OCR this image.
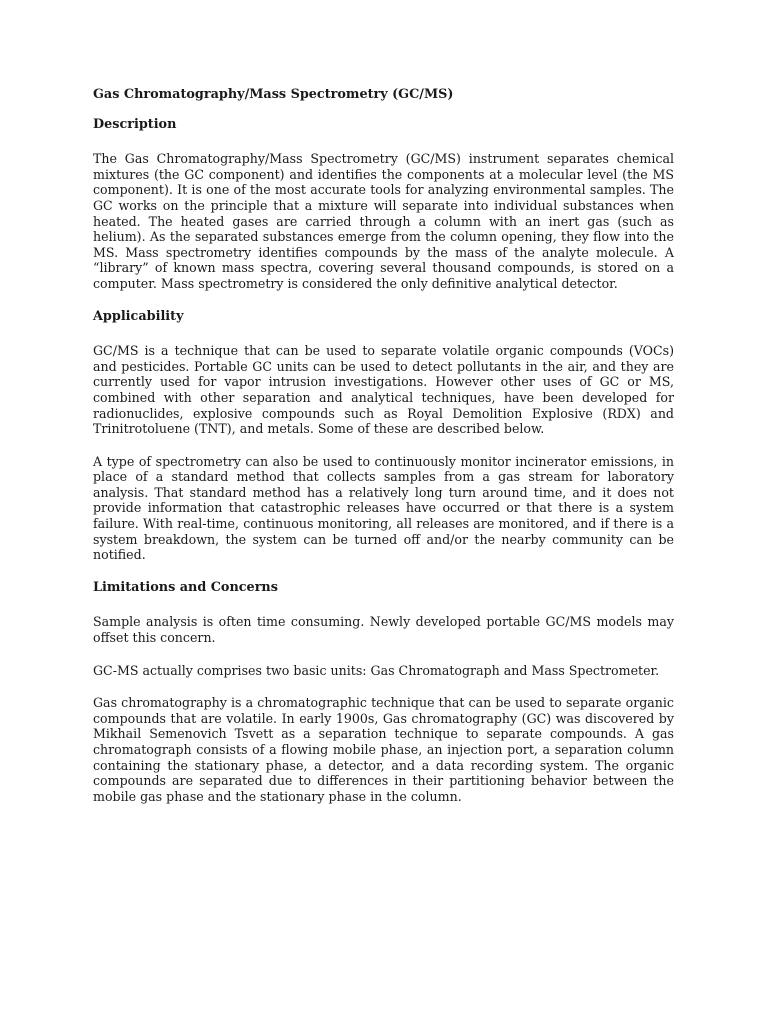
Gas Chromatography/Mass Spectrometry (GC/MS)

Description

The Gas Chromatography/Mass Spectrometry (GC/MS) instrument separates chemical mixtures (the GC component) and identifies the components at a molecular level (the MS component). It is one of the most accurate tools for analyzing environmental samples. The GC works on the principle that a mixture will separate into individual substances when heated. The heated gases are carried through a column with an inert gas (such as helium). As the separated substances emerge from the column opening, they flow into the MS. Mass spectrometry identifies compounds by the mass of the analyte molecule. A “library” of known mass spectra, covering several thousand compounds, is stored on a computer. Mass spectrometry is considered the only definitive analytical detector.

Applicability

GC/MS is a technique that can be used to separate volatile organic compounds (VOCs) and pesticides. Portable GC units can be used to detect pollutants in the air, and they are currently used for vapor intrusion investigations. However other uses of GC or MS, combined with other separation and analytical techniques, have been developed for radionuclides, explosive compounds such as Royal Demolition Explosive (RDX) and Trinitrotoluene (TNT), and metals. Some of these are described below.

A type of spectrometry can also be used to continuously monitor incinerator emissions, in place of a standard method that collects samples from a gas stream for laboratory analysis. That standard method has a relatively long turn around time, and it does not provide information that catastrophic releases have occurred or that there is a system failure. With real-time, continuous monitoring, all releases are monitored, and if there is a system breakdown, the system can be turned off and/or the nearby community can be notified.

Limitations and Concerns

Sample analysis is often time consuming. Newly developed portable GC/MS models may offset this concern.

GC-MS actually comprises two basic units: Gas Chromatograph and Mass Spectrometer.

Gas chromatography is a chromatographic technique that can be used to separate organic compounds that are volatile. In early 1900s, Gas chromatography (GC) was discovered by Mikhail Semenovich Tsvett as a separation technique to separate compounds. A gas chromatograph consists of a flowing mobile phase, an injection port, a separation column containing the stationary phase, a detector, and a data recording system. The organic compounds are separated due to differences in their partitioning behavior between the mobile gas phase and the stationary phase in the column.
